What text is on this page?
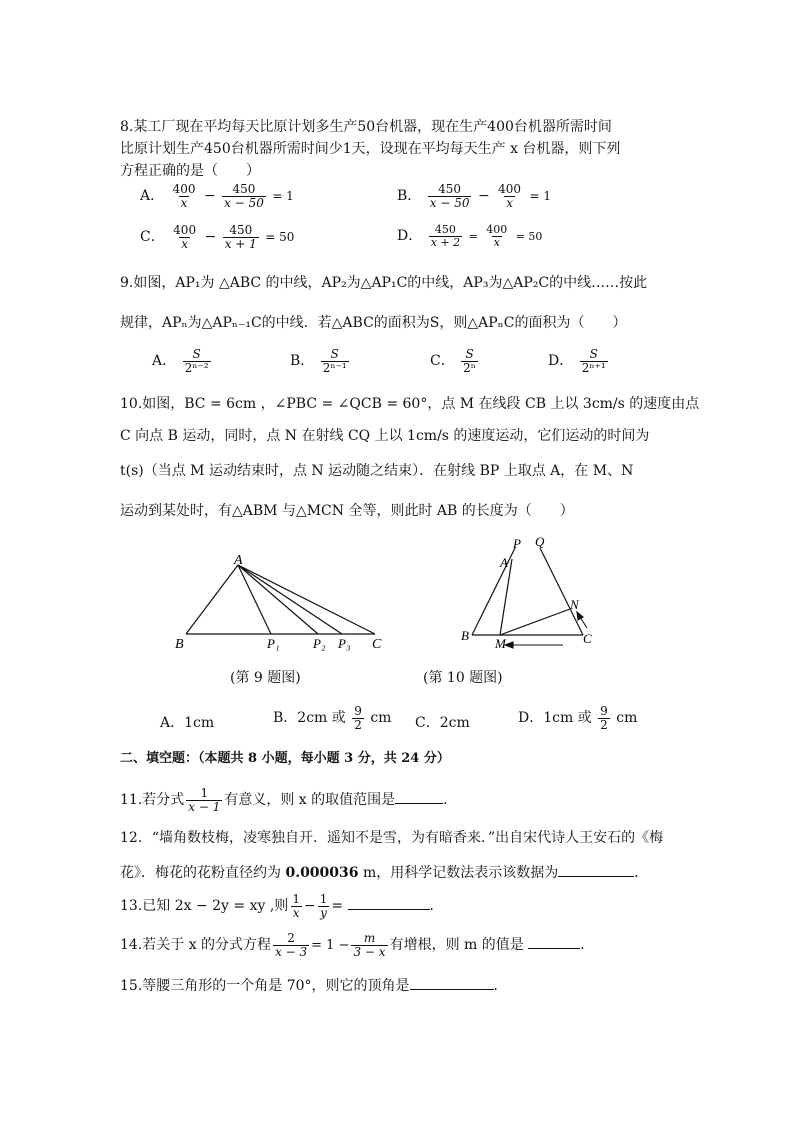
8.某工厂现在平均每天比原计划多生产50台机器，现在生产400台机器所需时间
比原计划生产450台机器所需时间少1天，设现在平均每天生产 x 台机器，则下列
方程正确的是（　　）
A． $\frac{400}{x} - \frac{450}{x - 50} = 1$	B． $\frac{450}{x - 50} - \frac{400}{x} = 1$
C． $\frac{400}{x} - \frac{450}{x + 1} = 50$	D． $\frac{450}{x + 2} = \frac{400}{x} = 50$
9.如图，AP₁为 △ABC 的中线，AP₂为△AP₁C的中线，AP₃为△AP₂C的中线……按此
规律，APₙ为△APₙ₋₁C的中线．若△ABC的面积为S，则△APₙC的面积为（　　）
A． $\frac{S}{\text{2ⁿ⁻²}}$	B． $\frac{S}{\text{2ⁿ⁻¹}}$	C． $\frac{S}{\text{2ⁿ}}$	D． $\frac{S}{\text{2ⁿ⁺¹}}$
10.如图，BC = 6cm ，∠PBC = ∠QCB = 60°，点 M 在线段 CB 上以 3cm/s 的速度由点
C 向点 B 运动，同时，点 N 在射线 CQ 上以 1cm/s 的速度运动，它们运动的时间为
t(s)（当点 M 运动结束时，点 N 运动随之结束）．在射线 BP 上取点 A，在 M、N
运动到某处时，有△ABM 与△MCN 全等，则此时 AB 的长度为（　　）
A
B	C
P₁	P₂ P₃
(第 9 题图)
P Q
A
N
B
M	C
(第 10 题图)
A．1cm	B．2cm 或 $\frac{9}{2}$ cm C．2cm	D．1cm 或 $\frac{9}{2}$ cm
二、填空题：（本题共 8 小题，每小题 3 分，共 24 分）
11.若分式 $\frac{1}{x - 1}$ 有意义，则 x 的取值范围是	．
12．“墙角数枝梅，凌寒独自开．遥知不是雪，为有暗香来．”出自宋代诗人王安石的《梅
花》．梅花的花粉直径约为 0.000036 m，用科学记数法表示该数据为	．
13.已知 2x − 2y = xy ,则 $\frac{1}{x} - \frac{1}{y}$ =	．
14.若关于 x 的分式方程 $\frac{2}{x - 3} = 1 - \frac{m}{3 - x}$ 有增根，则 m 的值是	．
15.等腰三角形的一个角是 70°，则它的顶角是	．
